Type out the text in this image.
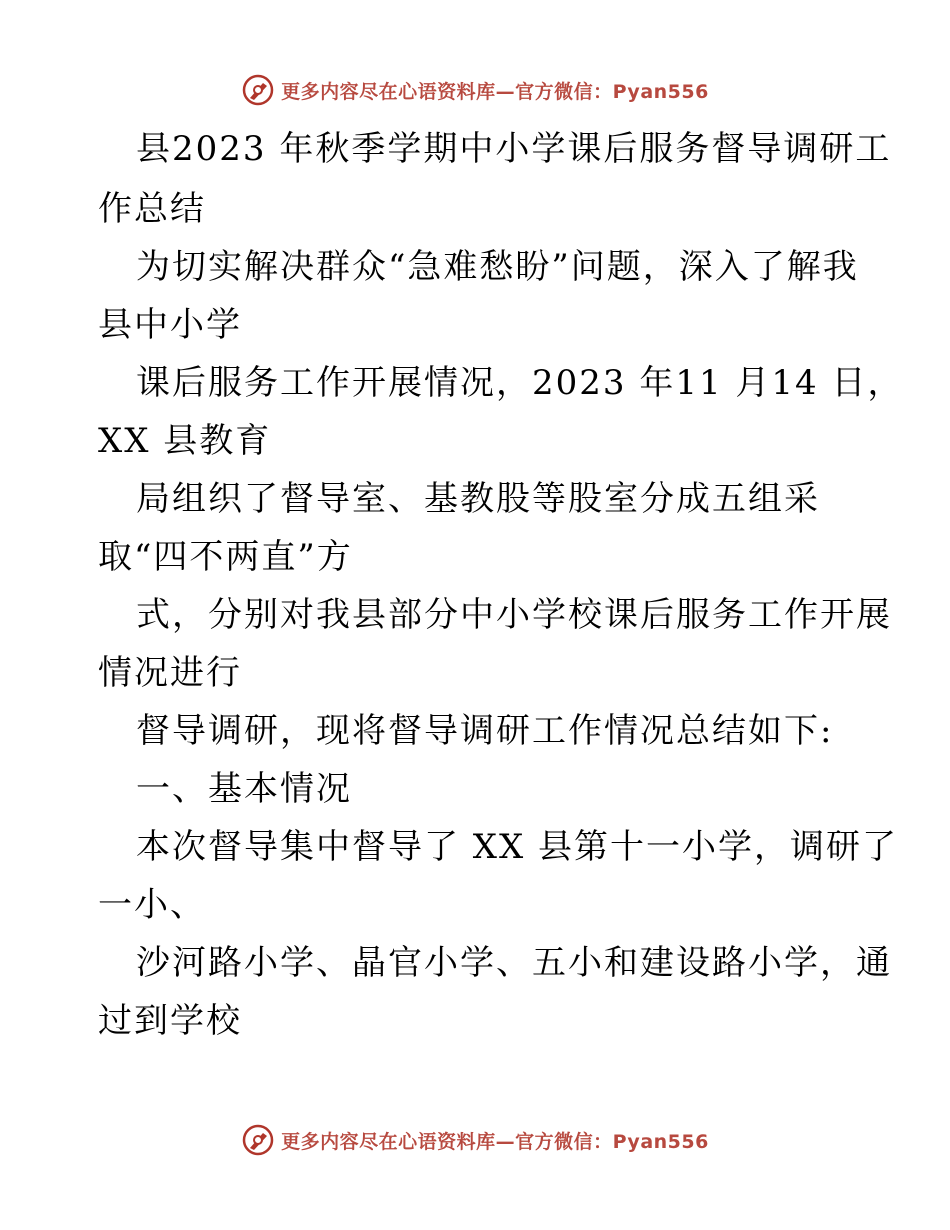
更多内容尽在心语资料库—官方微信：Pyan556
县2023 年秋季学期中小学课后服务督导调研工
作总结
为切实解决群众“急难愁盼”问题，深入了解我
县中小学
课后服务工作开展情况，2023 年11 月14 日，
XX 县教育
局组织了督导室、基教股等股室分成五组采
取“四不两直”方
式，分别对我县部分中小学校课后服务工作开展
情况进行
督导调研，现将督导调研工作情况总结如下:
一、基本情况
本次督导集中督导了 XX 县第十一小学，调研了
一小、
沙河路小学、晶官小学、五小和建设路小学，通
过到学校
更多内容尽在心语资料库—官方微信：Pyan556
